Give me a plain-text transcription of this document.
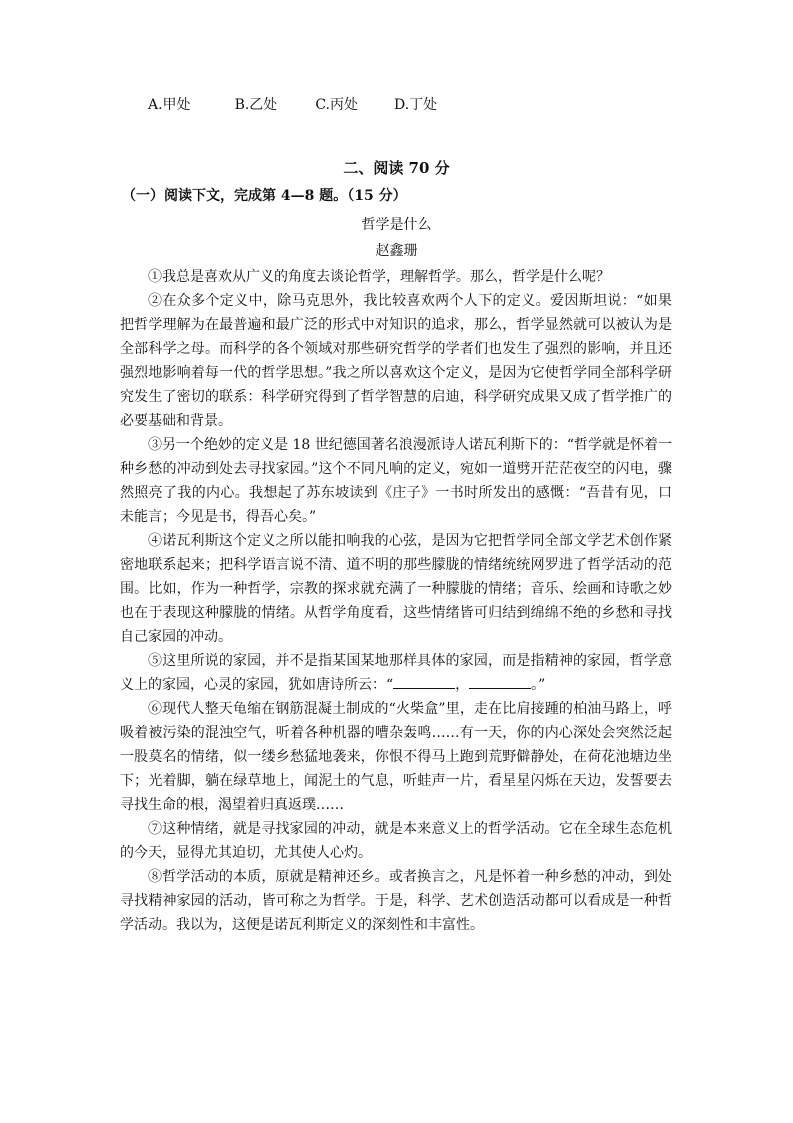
A.甲处	B.乙处	C.丙处	D.丁处
二、阅读 70 分
（一）阅读下文，完成第 4—8 题。（15 分）
哲学是什么
赵鑫珊

①我总是喜欢从广义的角度去谈论哲学，理解哲学。那么，哲学是什么呢？

②在众多个定义中，除马克思外，我比较喜欢两个人下的定义。爱因斯坦说：“如果把哲学理解为在最普遍和最广泛的形式中对知识的追求，那么，哲学显然就可以被认为是全部科学之母。而科学的各个领域对那些研究哲学的学者们也发生了强烈的影响，并且还强烈地影响着每一代的哲学思想。”我之所以喜欢这个定义，是因为它使哲学同全部科学研究发生了密切的联系：科学研究得到了哲学智慧的启迪，科学研究成果又成了哲学推广的必要基础和背景。

③另一个绝妙的定义是 18 世纪德国著名浪漫派诗人诺瓦利斯下的：“哲学就是怀着一种乡愁的冲动到处去寻找家园。”这个不同凡响的定义，宛如一道劈开茫茫夜空的闪电，骤然照亮了我的内心。我想起了苏东坡读到《庄子》一书时所发出的感慨：“吾昔有见，口未能言；今见是书，得吾心矣。”

④诺瓦利斯这个定义之所以能扣响我的心弦，是因为它把哲学同全部文学艺术创作紧密地联系起来；把科学语言说不清、道不明的那些朦胧的情绪统统网罗进了哲学活动的范围。比如，作为一种哲学，宗教的探求就充满了一种朦胧的情绪；音乐、绘画和诗歌之妙也在于表现这种朦胧的情绪。从哲学角度看，这些情绪皆可归结到绵绵不绝的乡愁和寻找自己家园的冲动。

⑤这里所说的家园，并不是指某国某地那样具体的家园，而是指精神的家园，哲学意义上的家园，心灵的家园，犹如唐诗所云：“	，	。”

⑥现代人整天龟缩在钢筋混凝土制成的“火柴盒”里，走在比肩接踵的柏油马路上，呼吸着被污染的混浊空气，听着各种机器的嘈杂轰鸣……有一天，你的内心深处会突然泛起一股莫名的情绪，似一缕乡愁猛地袭来，你恨不得马上跑到荒野僻静处，在荷花池塘边坐下；光着脚，躺在绿草地上，闻泥土的气息，听蛙声一片，看星星闪烁在天边，发誓要去寻找生命的根，渴望着归真返璞……

⑦这种情绪，就是寻找家园的冲动，就是本来意义上的哲学活动。它在全球生态危机的今天，显得尤其迫切，尤其使人心灼。

⑧哲学活动的本质，原就是精神还乡。或者换言之，凡是怀着一种乡愁的冲动，到处寻找精神家园的活动，皆可称之为哲学。于是，科学、艺术创造活动都可以看成是一种哲学活动。我以为，这便是诺瓦利斯定义的深刻性和丰富性。
